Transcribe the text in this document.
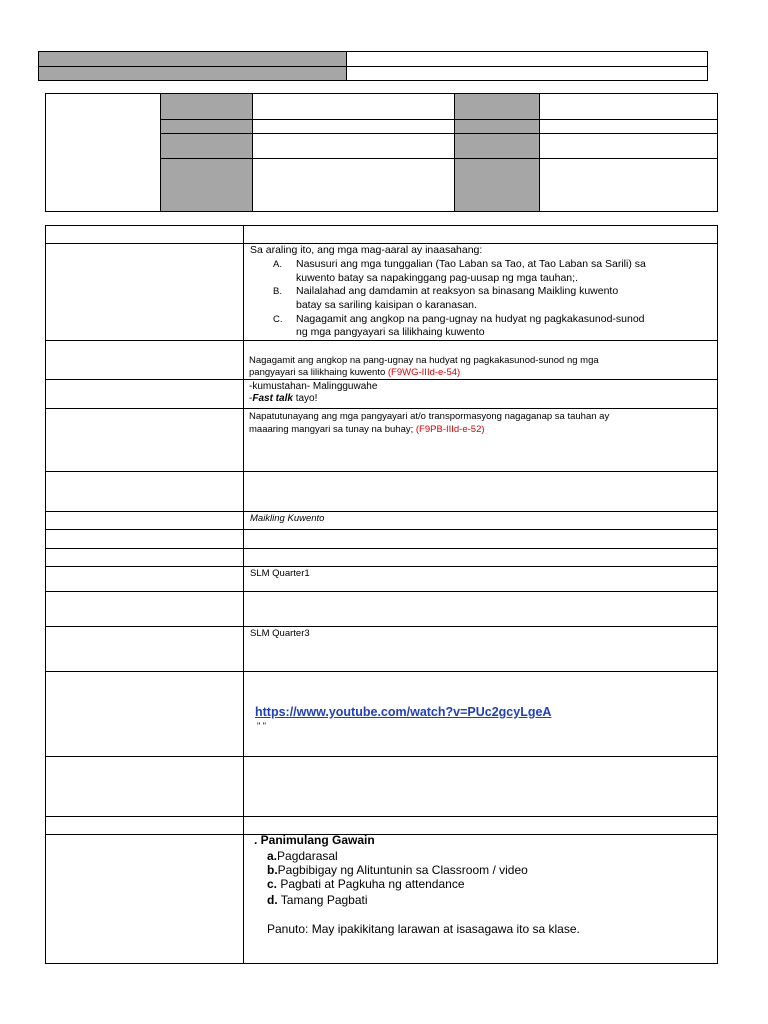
Sa araling ito, ang mga mag-aaral ay inaasahang:
A. Nasusuri ang mga tunggalian (Tao Laban sa Tao, at Tao Laban sa Sarili) sa
kuwento batay sa napakinggang pag-uusap ng mga tauhan;.
B. Nailalahad ang damdamin at reaksyon sa binasang Maikling kuwento
batay sa sariling kaisipan o karanasan.
C. Nagagamit ang angkop na pang-ugnay na hudyat ng pagkakasunod-sunod
ng mga pangyayari sa lilikhaing kuwento
Nagagamit ang angkop na pang-ugnay na hudyat ng pagkakasunod-sunod ng mga
pangyayari sa lilikhaing kuwento (F9WG-IIId-e-54)
-kumustahan- Malingguwahe
-Fast talk tayo!
Napatutunayang ang mga pangyayari at/o transpormasyong nagaganap sa tauhan ay
maaaring mangyari sa tunay na buhay; (F9PB-IIId-e-52)
Maikling Kuwento
SLM Quarter1
SLM Quarter3
https://www.youtube.com/watch?v=PUc2gcyLgeA
" "
. Panimulang Gawain
a.Pagdarasal
b.Pagbibigay ng Alituntunin sa Classroom / video
c. Pagbati at Pagkuha ng attendance
d. Tamang Pagbati
Panuto: May ipakikitang larawan at isasagawa ito sa klase.
